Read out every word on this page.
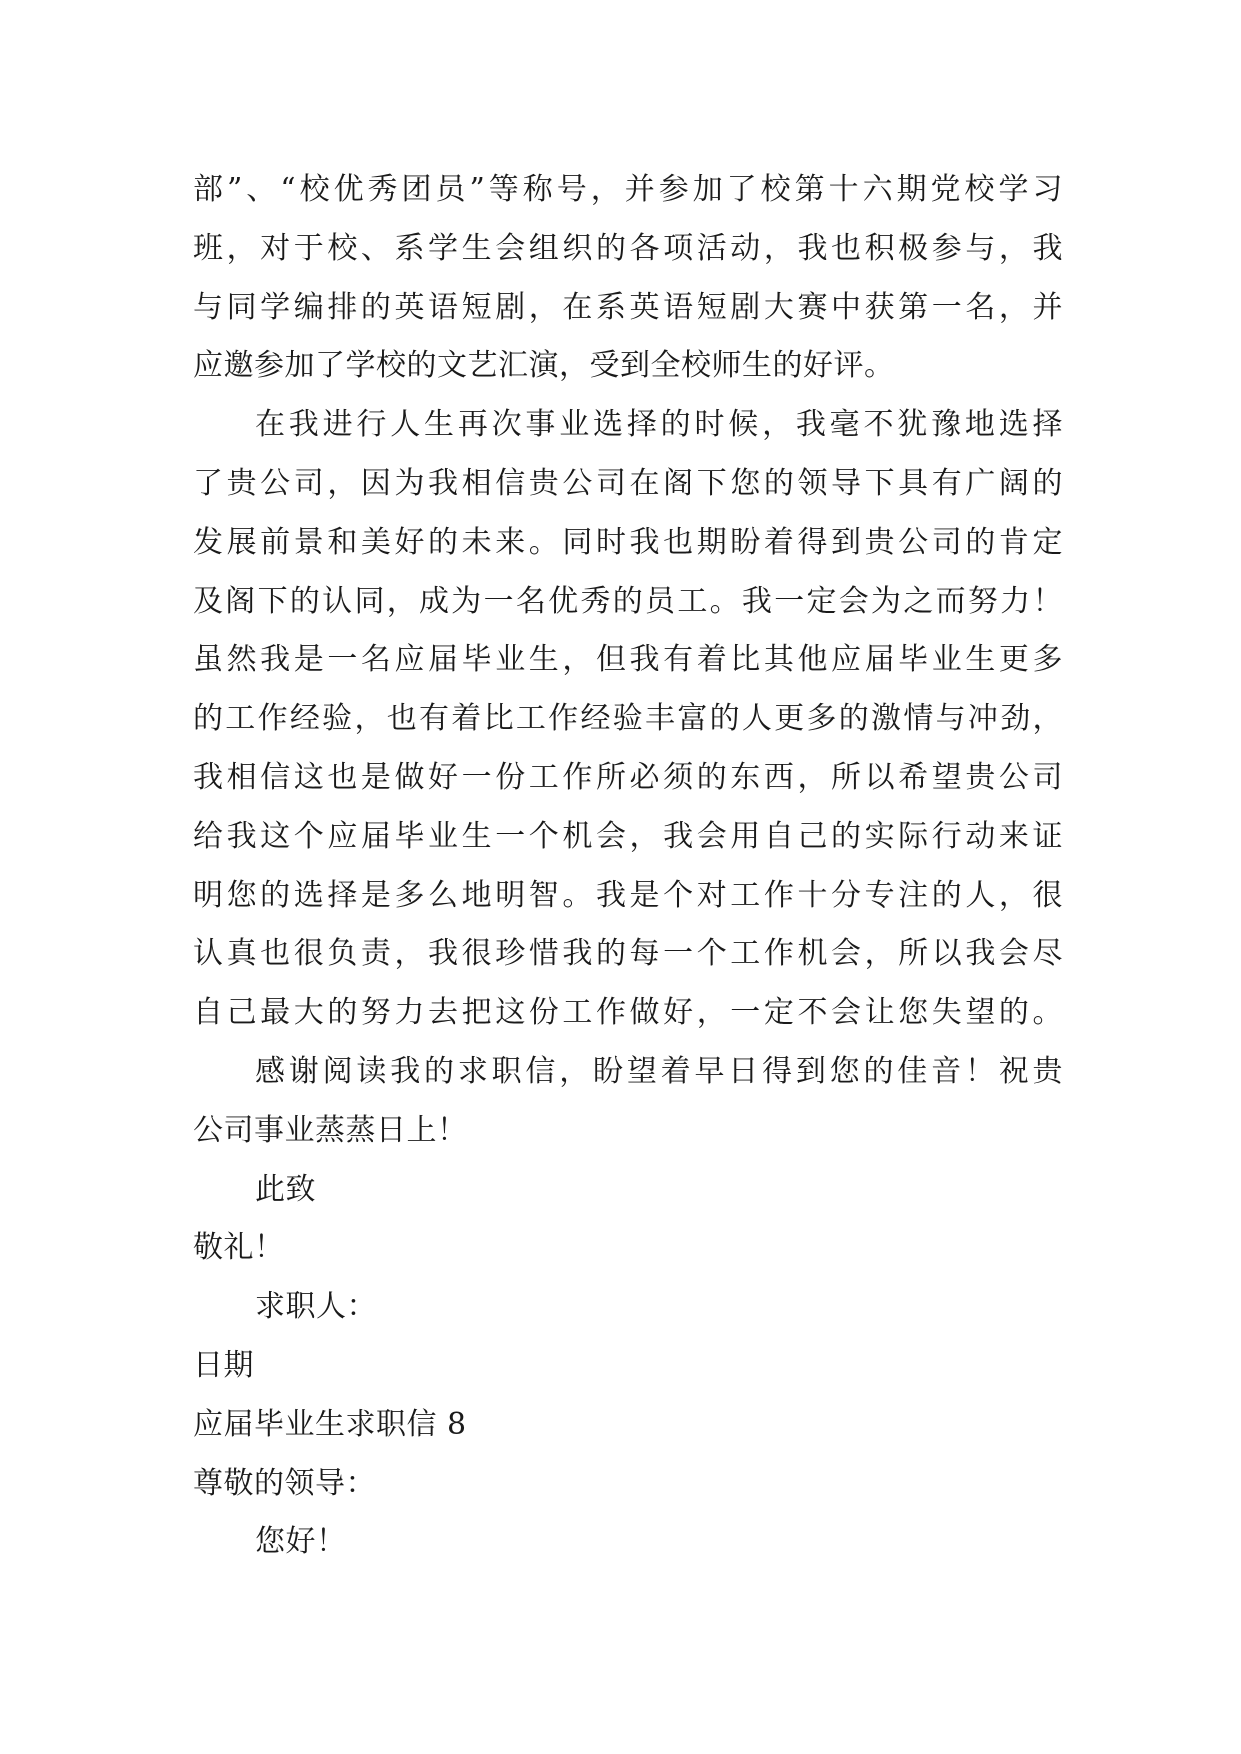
部”、“校优秀团员”等称号，并参加了校第十六期党校学习
班，对于校、系学生会组织的各项活动，我也积极参与，我
与同学编排的英语短剧，在系英语短剧大赛中获第一名，并
应邀参加了学校的文艺汇演，受到全校师生的好评。
在我进行人生再次事业选择的时候，我毫不犹豫地选择
了贵公司，因为我相信贵公司在阁下您的领导下具有广阔的
发展前景和美好的未来。同时我也期盼着得到贵公司的肯定
及阁下的认同，成为一名优秀的员工。我一定会为之而努力！
虽然我是一名应届毕业生，但我有着比其他应届毕业生更多
的工作经验，也有着比工作经验丰富的人更多的激情与冲劲，
我相信这也是做好一份工作所必须的东西，所以希望贵公司
给我这个应届毕业生一个机会，我会用自己的实际行动来证
明您的选择是多么地明智。我是个对工作十分专注的人，很
认真也很负责，我很珍惜我的每一个工作机会，所以我会尽
自己最大的努力去把这份工作做好，一定不会让您失望的。
感谢阅读我的求职信，盼望着早日得到您的佳音！祝贵
公司事业蒸蒸日上！
此致
敬礼！
求职人：
日期
应届毕业生求职信 8
尊敬的领导：
您好！
